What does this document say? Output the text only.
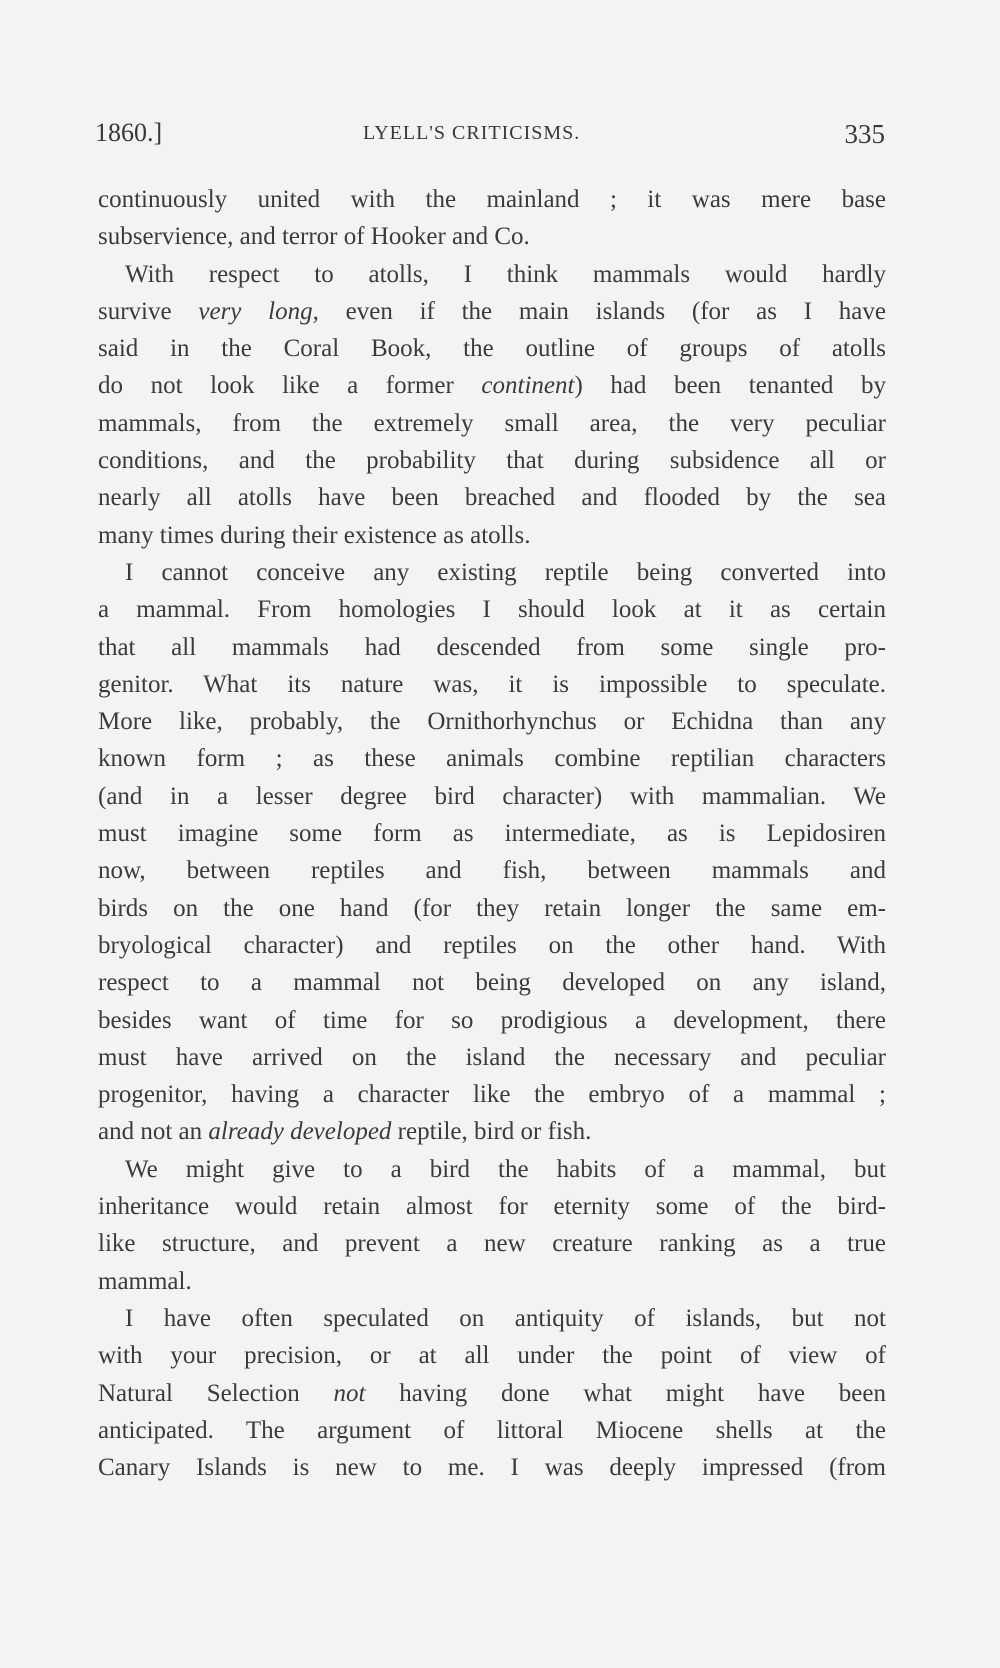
1860.]	LYELL'S CRITICISMS.	335
continuously united with the mainland ; it was mere base
subservience, and terror of Hooker and Co.
With respect to atolls, I think mammals would hardly
survive very long, even if the main islands (for as I have
said in the Coral Book, the outline of groups of atolls
do not look like a former continent) had been tenanted by
mammals, from the extremely small area, the very peculiar
conditions, and the probability that during subsidence all or
nearly all atolls have been breached and flooded by the sea
many times during their existence as atolls.
I cannot conceive any existing reptile being converted into
a mammal. From homologies I should look at it as certain
that all mammals had descended from some single pro-
genitor. What its nature was, it is impossible to speculate.
More like, probably, the Ornithorhynchus or Echidna than any
known form ; as these animals combine reptilian characters
(and in a lesser degree bird character) with mammalian. We
must imagine some form as intermediate, as is Lepidosiren
now, between reptiles and fish, between mammals and
birds on the one hand (for they retain longer the same em-
bryological character) and reptiles on the other hand. With
respect to a mammal not being developed on any island,
besides want of time for so prodigious a development, there
must have arrived on the island the necessary and peculiar
progenitor, having a character like the embryo of a mammal ;
and not an already developed reptile, bird or fish.
We might give to a bird the habits of a mammal, but
inheritance would retain almost for eternity some of the bird-
like structure, and prevent a new creature ranking as a true
mammal.
I have often speculated on antiquity of islands, but not
with your precision, or at all under the point of view of
Natural Selection not having done what might have been
anticipated. The argument of littoral Miocene shells at the
Canary Islands is new to me. I was deeply impressed (from
